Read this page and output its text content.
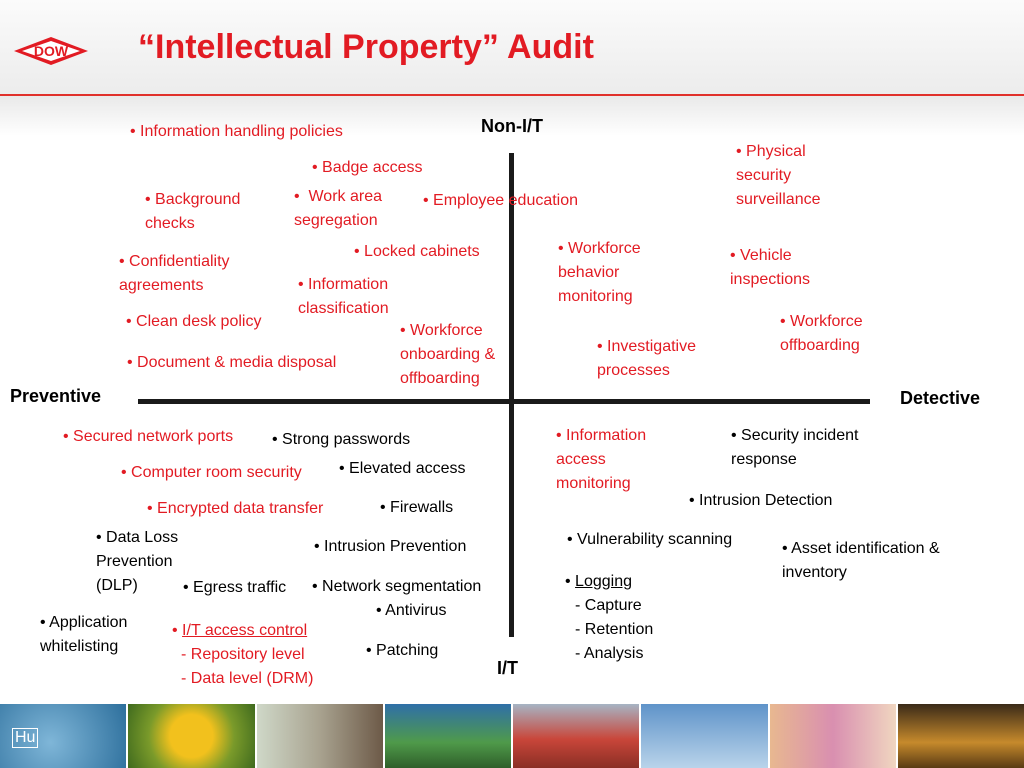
DOW “Intellectual Property” Audit
Non-I/T
I/T
Preventive	Detective
• Information handling policies
• Badge access
• Background
checks
•  Work area
segregation
• Employee education
• Physical
security
surveillance
• Locked cabinets	• Workforce
behavior
monitoring
• Confidentiality
agreements	• Information
classification
• Vehicle
inspections
• Clean desk policy
• Workforce
onboarding &
offboarding
• Workforce
offboarding
• Investigative
processes
• Document & media disposal
• Secured network ports • Strong passwords	• Information
access
monitoring
• Security incident
response
• Computer room security • Elevated access
• Intrusion Detection
• Encrypted data transfer	• Firewalls
• Data Loss
Prevention
(DLP)
• Intrusion Prevention	• Vulnerability scanning
• Asset identification &
inventory
• Egress traffic • Network segmentation
• Antivirus
• Application
whitelisting
• I/T access control
- Repository level
- Data level (DRM)
• Patching
• Logging
- Capture
- Retention
- Analysis
Hu
